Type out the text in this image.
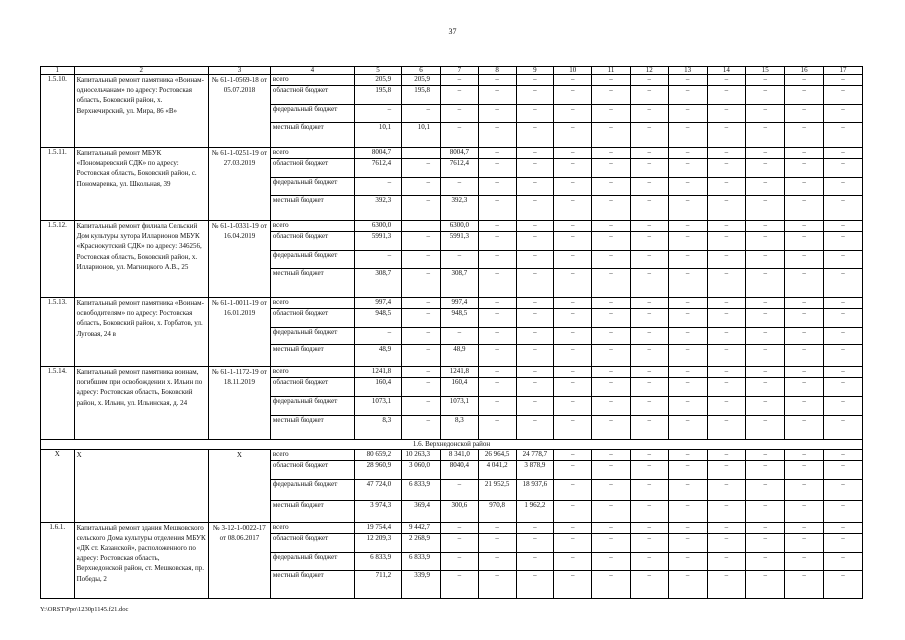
37
1	2	3	4	5	6	7	8	9	10	11	12	13	14	15	16	17
1.5.10.	Капитальный ремонт памятника «Воинам-односельчанам» по адресу: Ростовская область, Боковский район, х. Верхнечирский, ул. Мира, 86 «В»	№ 61-1-0569-18 от 05.07.2018	всего	205,9	205,9	–	–	–	–	–	–	–	–	–	–	–
			областной бюджет	195,8	195,8	–	–	–	–	–	–	–	–	–	–	–
			федеральный бюджет	–	–	–	–	–	–	–	–	–	–	–	–	–
			местный бюджет	10,1	10,1	–	–	–	–	–	–	–	–	–	–	–
1.5.11.	Капитальный ремонт МБУК «Пономаревский СДК» по адресу: Ростовская область, Боковский район, с. Пономаревка, ул. Школьная, 39	№ 61-1-0251-19 от 27.03.2019	всего	8004,7		8004,7	–	–	–	–	–	–	–	–	–	–
			областной бюджет	7612,4	–	7612,4	–	–	–	–	–	–	–	–	–	–
			федеральный бюджет	–	–	–	–	–	–	–	–	–	–	–	–	–
			местный бюджет	392,3	–	392,3	–	–	–	–	–	–	–	–	–	–
1.5.12.	Капитальный ремонт филиала Сельский Дом культуры хутора Илларионов МБУК «Краснокутский СДК» по адресу: 346256, Ростовская область, Боковский район, х. Илларионов, ул. Магницкого А.В., 25	№ 61-1-0331-19 от 16.04.2019	всего	6300,0		6300,0	–	–	–	–	–	–	–	–	–	–
			областной бюджет	5991,3	–	5991,3	–	–	–	–	–	–	–	–	–	–
			федеральный бюджет	–	–	–	–	–	–	–	–	–	–	–	–	–
			местный бюджет	308,7	–	308,7	–	–	–	–	–	–	–	–	–	–
1.5.13.	Капитальный ремонт памятника «Воинам-освободителям» по адресу: Ростовская область, Боковский район, х. Горбатов, ул. Луговая, 24 в	№ 61-1-0011-19 от 16.01.2019	всего	997,4	–	997,4	–	–	–	–	–	–	–	–	–	–
			областной бюджет	948,5	–	948,5	–	–	–	–	–	–	–	–	–	–
			федеральный бюджет	–	–	–	–	–	–	–	–	–	–	–	–	–
			местный бюджет	48,9	–	48,9	–	–	–	–	–	–	–	–	–	–
1.5.14.	Капитальный ремонт памятника воинам, погибшим при освобождении х. Ильин по адресу: Ростовская область, Боковский район, х. Ильин, ул. Ильинская, д. 24	№ 61-1-1172-19 от 18.11.2019	всего	1241,8	–	1241,8	–	–	–	–	–	–	–	–	–	–
			областной бюджет	160,4	–	160,4	–	–	–	–	–	–	–	–	–	–
			федеральный бюджет	1073,1	–	1073,1	–	–	–	–	–	–	–	–	–	–
			местный бюджет	8,3	–	8,3	–	–	–	–	–	–	–	–	–	–
1.6. Верхнедонской район																
X	X	X	всего	80 659,2	10 263,3	8 341,0	26 964,5	24 778,7	–	–	–	–	–	–	–	–
			областной бюджет	28 960,9	3 060,0	8040,4	4 041,2	3 878,9	–	–	–	–	–	–	–	–
			федеральный бюджет	47 724,0	6 833,9	–	21 952,5	18 937,6	–	–	–	–	–	–	–	–
			местный бюджет	3 974,3	369,4	300,6	970,8	1 962,2	–	–	–	–	–	–	–	–
1.6.1.	Капитальный ремонт здания Мешковского сельского Дома культуры отделения МБУК «ДК ст. Казанской», расположенного по адресу: Ростовская область, Верхнедонской район, ст. Мешковская, пр. Победы, 2	№ 3-12-1-0022-17 от 08.06.2017	всего	19 754,4	9 442,7	–	–	–	–	–	–	–	–	–	–	–
			областной бюджет	12 209,3	2 268,9	–	–	–	–	–	–	–	–	–	–	–
			федеральный бюджет	6 833,9	6 833,9	–	–	–	–	–	–	–	–	–	–	–
			местный бюджет	711,2	339,9	–	–	–	–	–	–	–	–	–	–	–
Y:\ORST\Ppo\1230p1145.f21.doc
